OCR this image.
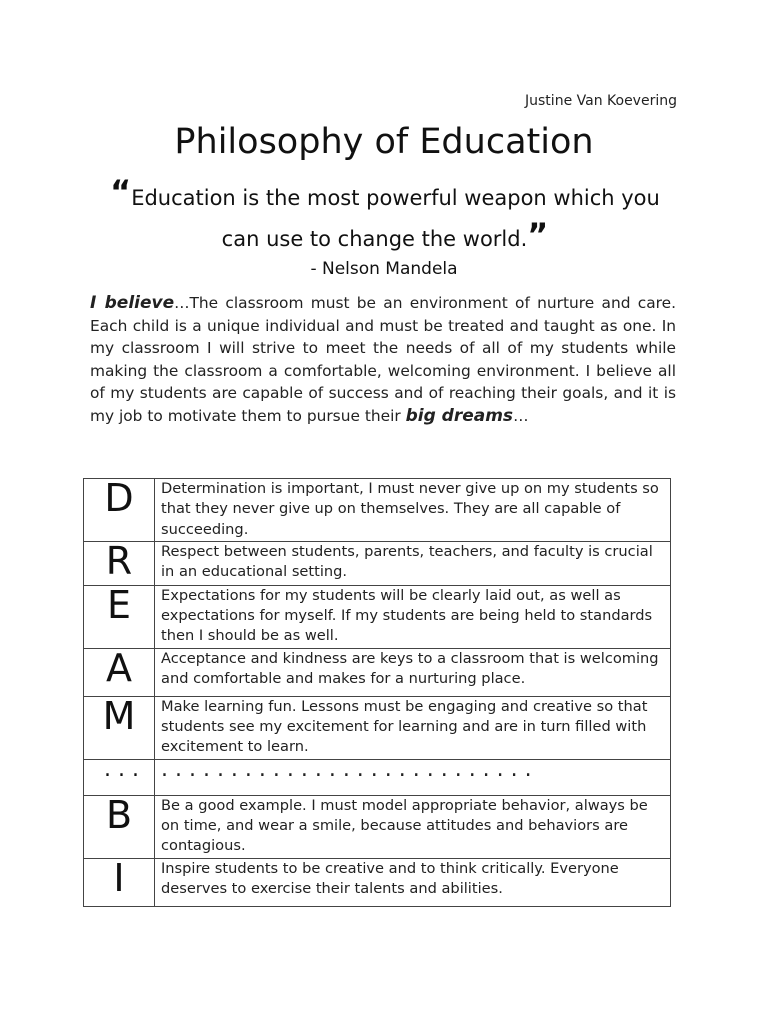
Justine Van Koevering
Philosophy of Education
“Education is the most powerful weapon which you can use to change the world.”
- Nelson Mandela
I believe…The classroom must be an environment of nurture and care. Each child is a unique individual and must be treated and taught as one. In my classroom I will strive to meet the needs of all of my students while making the classroom a comfortable, welcoming environment. I believe all of my students are capable of success and of reaching their goals, and it is my job to motivate them to pursue their big dreams…
D	Determination is important, I must never give up on my students so that they never give up on themselves. They are all capable of succeeding.
R	Respect between students, parents, teachers, and faculty is crucial in an educational setting.
E	Expectations for my students will be clearly laid out, as well as expectations for myself. If my students are being held to standards then I should be as well.
A	Acceptance and kindness are keys to a classroom that is welcoming and comfortable and makes for a nurturing place.
M	Make learning fun. Lessons must be engaging and creative so that students see my excitement for learning and are in turn filled with excitement to learn.
. . .	. . . . . . . . . . . . . . . . . . . . . . . . . . .
B	Be a good example. I must model appropriate behavior, always be on time, and wear a smile, because attitudes and behaviors are contagious.
I	Inspire students to be creative and to think critically. Everyone deserves to exercise their talents and abilities.
